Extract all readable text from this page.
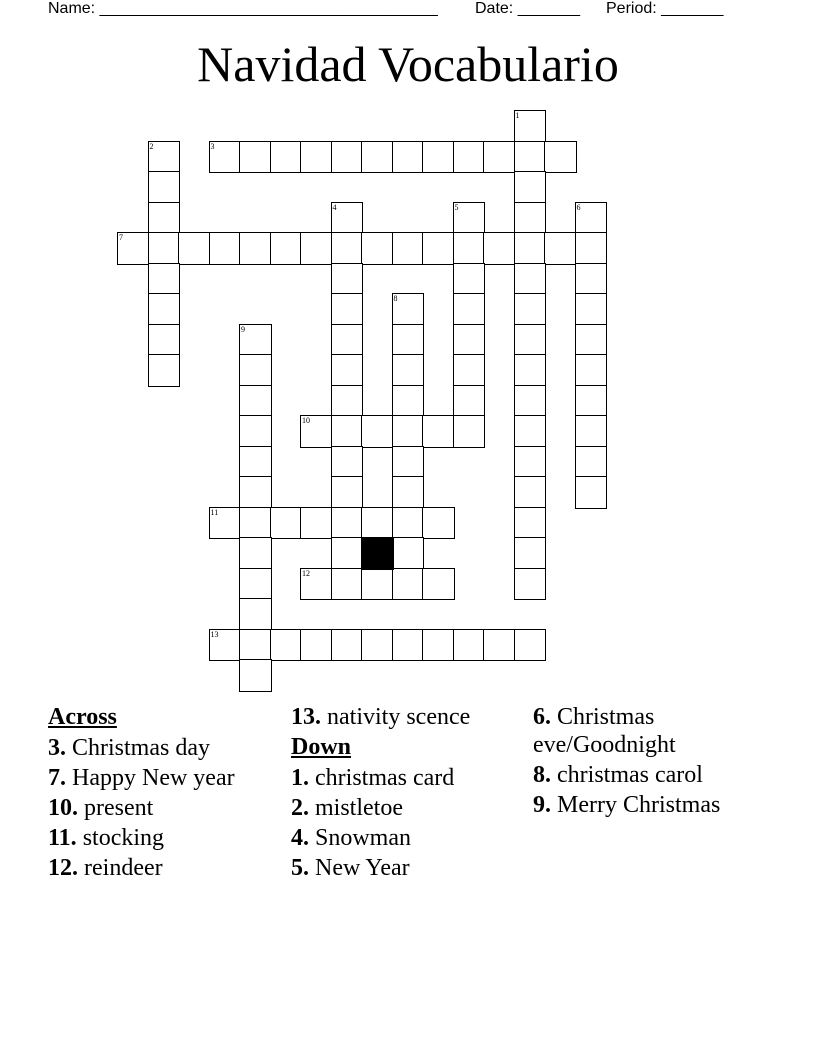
Name: ______________________________________ Date: _______ Period: _______
Navidad Vocabulario
1
2	3
4	5	6
7
8
9
10
11
12
13
Across
3. Christmas day
7. Happy New year
10. present
11. stocking
12. reindeer
13. nativity scence
Down
1. christmas card
2. mistletoe
4. Snowman
5. New Year
6. Christmas eve/Goodnight
8. christmas carol
9. Merry Christmas
